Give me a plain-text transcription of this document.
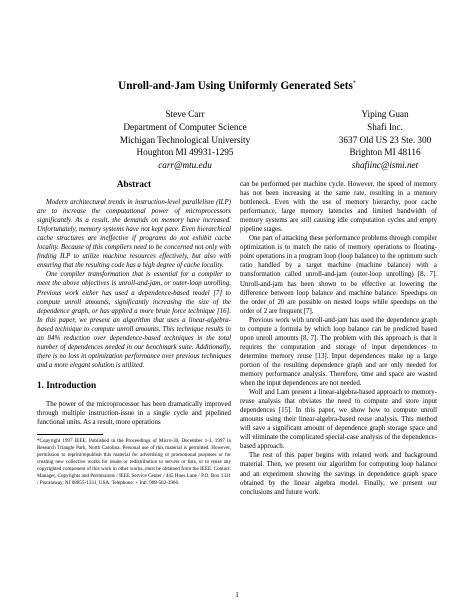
Unroll-and-Jam Using Uniformly Generated Sets*
Steve Carr
Department of Computer Science
Michigan Technological University
Houghton MI 49931-1295
carr@mtu.edu
Yiping Guan
Shafi Inc.
3637 Old US 23 Ste. 300
Brighton MI 48116
shafiinc@ismi.net
Abstract

Modern architectural trends in instruction-level parallelism (ILP) are to increase the computational power of microprocessors significantly. As a result, the demands on memory have increased. Unfortunately, memory systems have not kept pace. Even hierarchical cache structures are ineffective if programs do not exhibit cache locality. Because of this compilers need to be concerned not only with finding ILP to utilize machine resources effectively, but also with ensuring that the resulting code has a high degree of cache locality.

One compiler transformation that is essential for a compiler to meet the above objectives is unroll-and-jam, or outer-loop unrolling. Previous work either has used a dependence-based model [7] to compute unroll amounts, significantly increasing the size of the dependence graph, or has applied a more brute force technique [16]. In this paper, we present an algorithm that uses a linear-algebra-based technique to compute unroll amounts. This technique results in an 84% reduction over dependence-based techniques in the total number of dependences needed in our benchmark suite. Additionally, there is no loss in optimization performance over previous techniques and a more elegant solution is utilized.

1. Introduction

The power of the microprocessor has been dramatically improved through multiple instruction-issue in a single cycle and pipelined functional units. As a result, more operations

*Copyright 1997 IEEE. Published in the Proceedings of Micro-30, December 1-3, 1997 in Research Triangle Park, North Carolina. Personal use of this material is permitted. However, permission to reprint/republish this material for advertising or promotional purposes or for creating new collective works for resale or redistribution to servers or lists, or to reuse any copyrighted component of this work in other works, must be obtained from the IEEE. Contact: Manager, Copyrights and Permissions / IEEE Service Center / 445 Hoes Lane / P.O. Box 1331 / Piscataway, NJ 08855-1331, USA. Telephone: + Intl. 908-562-3966.

can be performed per machine cycle. However, the speed of memory has not been increasing at the same rate, resulting in a memory bottleneck. Even with the use of memory hierarchy, poor cache performance, large memory latencies and limited bandwidth of memory systems are still causing idle computation cycles and empty pipeline stages.

One part of attacking these performance problems through compiler optimization is to match the ratio of memory operations to floating-point operations in a program loop (loop balance) to the optimum such ratio handled by a target machine (machine balance) with a transformation called unroll-and-jam (outer-loop unrolling) [8, 7]. Unroll-and-jam has been shown to be effective at lowering the difference between loop balance and machine balance. Speedups on the order of 20 are possible on nested loops while speedups on the order of 2 are frequent [7].

Previous work with unroll-and-jam has used the dependence graph to compute a formula by which loop balance can be predicted based upon unroll amounts [8, 7]. The problem with this approach is that it requires the computation and storage of input dependences to determine memory reuse [13]. Input dependences make up a large portion of the resulting dependence graph and are only needed for memory performance analysis. Therefore, time and space are wasted when the input dependences are not needed.

Wolf and Lam present a linear-algebra-based approach to memory-reuse analysis that obviates the need to compute and store input dependences [15]. In this paper, we show how to compute unroll amounts using their linear-algebra-based reuse analysis. This method will save a significant amount of dependence graph storage space and will eliminate the complicated special-case analysis of the dependence-based approach.

The rest of this paper begins with related work and background material. Then, we present our algorithm for computing loop balance and an experiment showing the savings in dependence graph space obtained by the linear algebra model. Finally, we present our conclusions and future work.

1
